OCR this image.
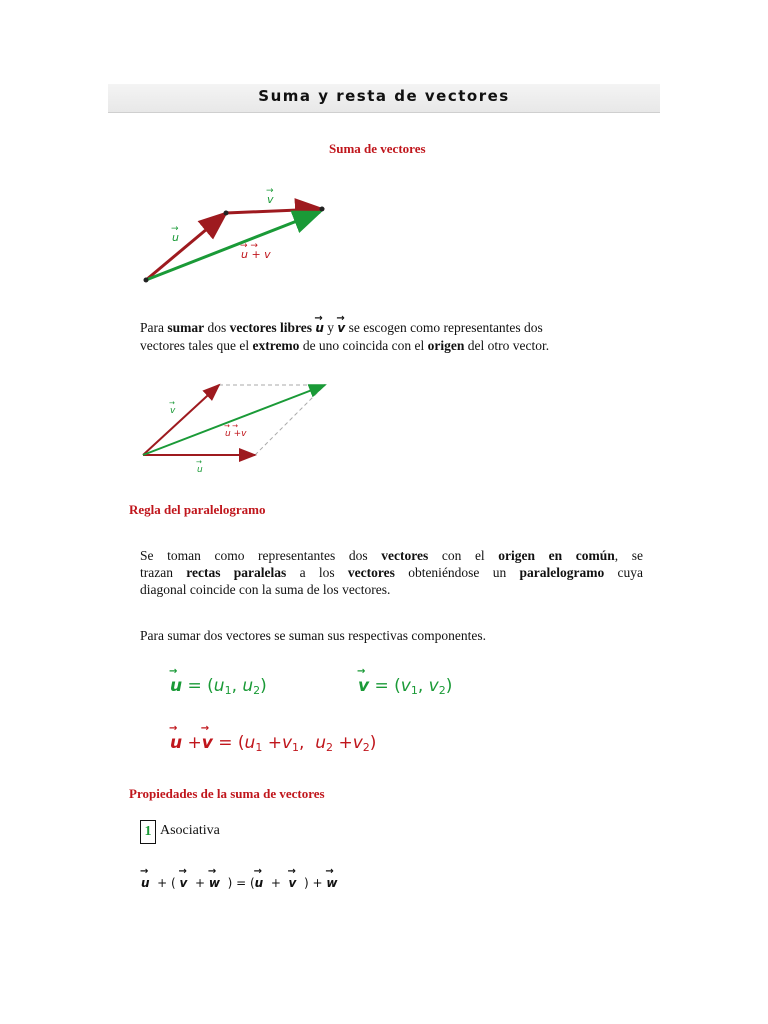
Suma y resta de vectores
Suma de vectores
v
→
u
→
u + v
→ →
Para sumar dos vectores libres → u y → v se escogen como representantes dos
vectores tales que el extremo de uno coincida con el origen del otro vector.
v
→
u
→
u +v
→ →
Regla del paralelogramo
Se toman como representantes dos vectores con el origen en común, se
trazan rectas paralelas a los vectores obteniéndose un paralelogramo cuya
diagonal coincide con la suma de los vectores.
Para sumar dos vectores se suman sus respectivas componentes.
→ $u = (u_1$, $u_2$)	→ $v = (v_1$, $v_2$)
→ $u +\to v = (u_1 +v_1$,  $u_2 +v_2$)
Propiedades de la suma de vectores
1 Asociativa
→ u  + ( → v  + → w  ) = (→ u  +  → v  ) + → w
